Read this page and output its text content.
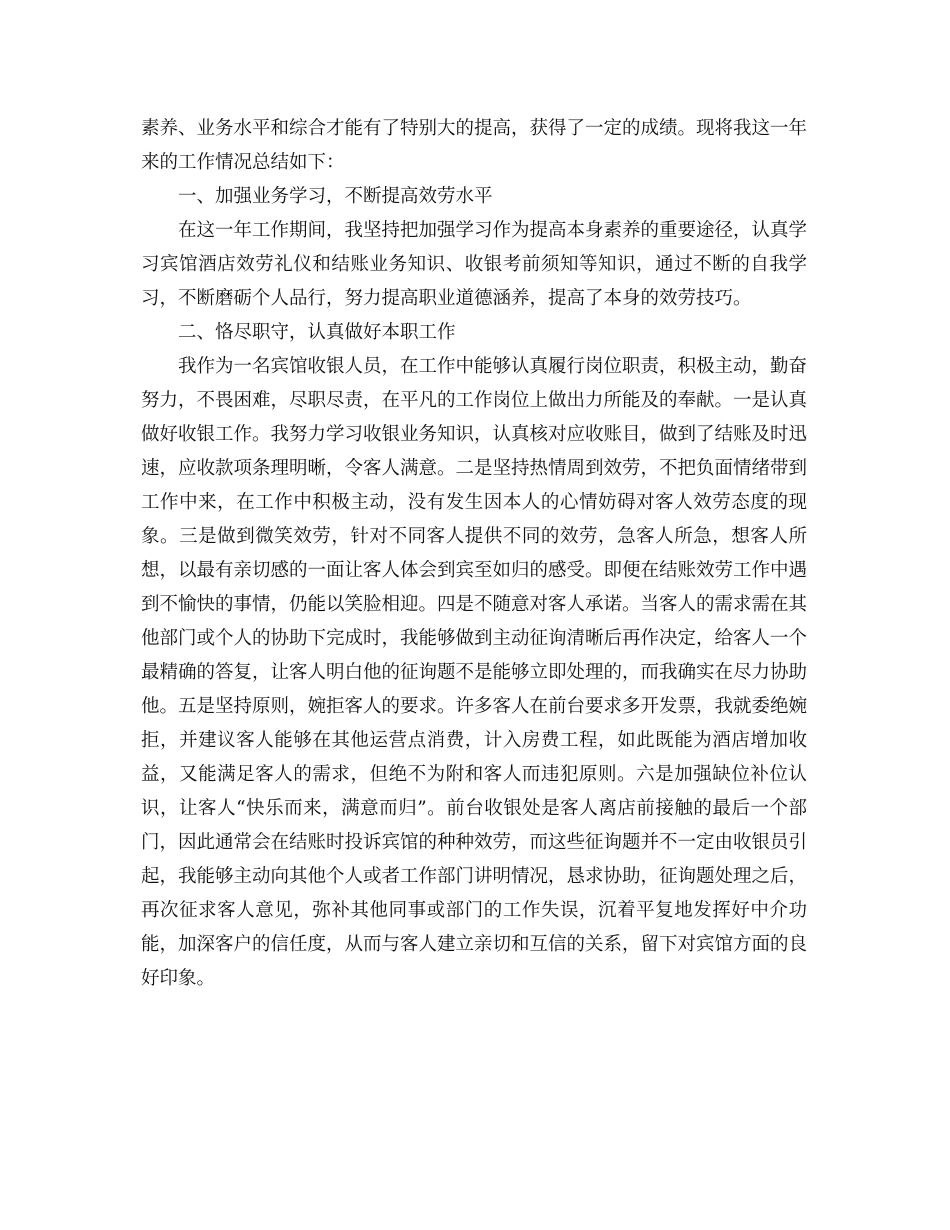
素养、业务水平和综合才能有了特别大的提高，获得了一定的成绩。现将我这一年来的工作情况总结如下：

一、加强业务学习，不断提高效劳水平

在这一年工作期间，我坚持把加强学习作为提高本身素养的重要途径，认真学习宾馆酒店效劳礼仪和结账业务知识、收银考前须知等知识，通过不断的自我学习，不断磨砺个人品行，努力提高职业道德涵养，提高了本身的效劳技巧。

二、恪尽职守，认真做好本职工作

我作为一名宾馆收银人员，在工作中能够认真履行岗位职责，积极主动，勤奋努力，不畏困难，尽职尽责，在平凡的工作岗位上做出力所能及的奉献。一是认真做好收银工作。我努力学习收银业务知识，认真核对应收账目，做到了结账及时迅速，应收款项条理明晰，令客人满意。二是坚持热情周到效劳，不把负面情绪带到工作中来，在工作中积极主动，没有发生因本人的心情妨碍对客人效劳态度的现象。三是做到微笑效劳，针对不同客人提供不同的效劳，急客人所急，想客人所想，以最有亲切感的一面让客人体会到宾至如归的感受。即便在结账效劳工作中遇到不愉快的事情，仍能以笑脸相迎。四是不随意对客人承诺。当客人的需求需在其他部门或个人的协助下完成时，我能够做到主动征询清晰后再作决定，给客人一个最精确的答复，让客人明白他的征询题不是能够立即处理的，而我确实在尽力协助他。五是坚持原则，婉拒客人的要求。许多客人在前台要求多开发票，我就委绝婉拒，并建议客人能够在其他运营点消费，计入房费工程，如此既能为酒店增加收益，又能满足客人的需求，但绝不为附和客人而违犯原则。六是加强缺位补位认识，让客人“快乐而来，满意而归”。前台收银处是客人离店前接触的最后一个部门，因此通常会在结账时投诉宾馆的种种效劳，而这些征询题并不一定由收银员引起，我能够主动向其他个人或者工作部门讲明情况，恳求协助，征询题处理之后，再次征求客人意见，弥补其他同事或部门的工作失误，沉着平复地发挥好中介功能，加深客户的信任度，从而与客人建立亲切和互信的关系，留下对宾馆方面的良好印象。
